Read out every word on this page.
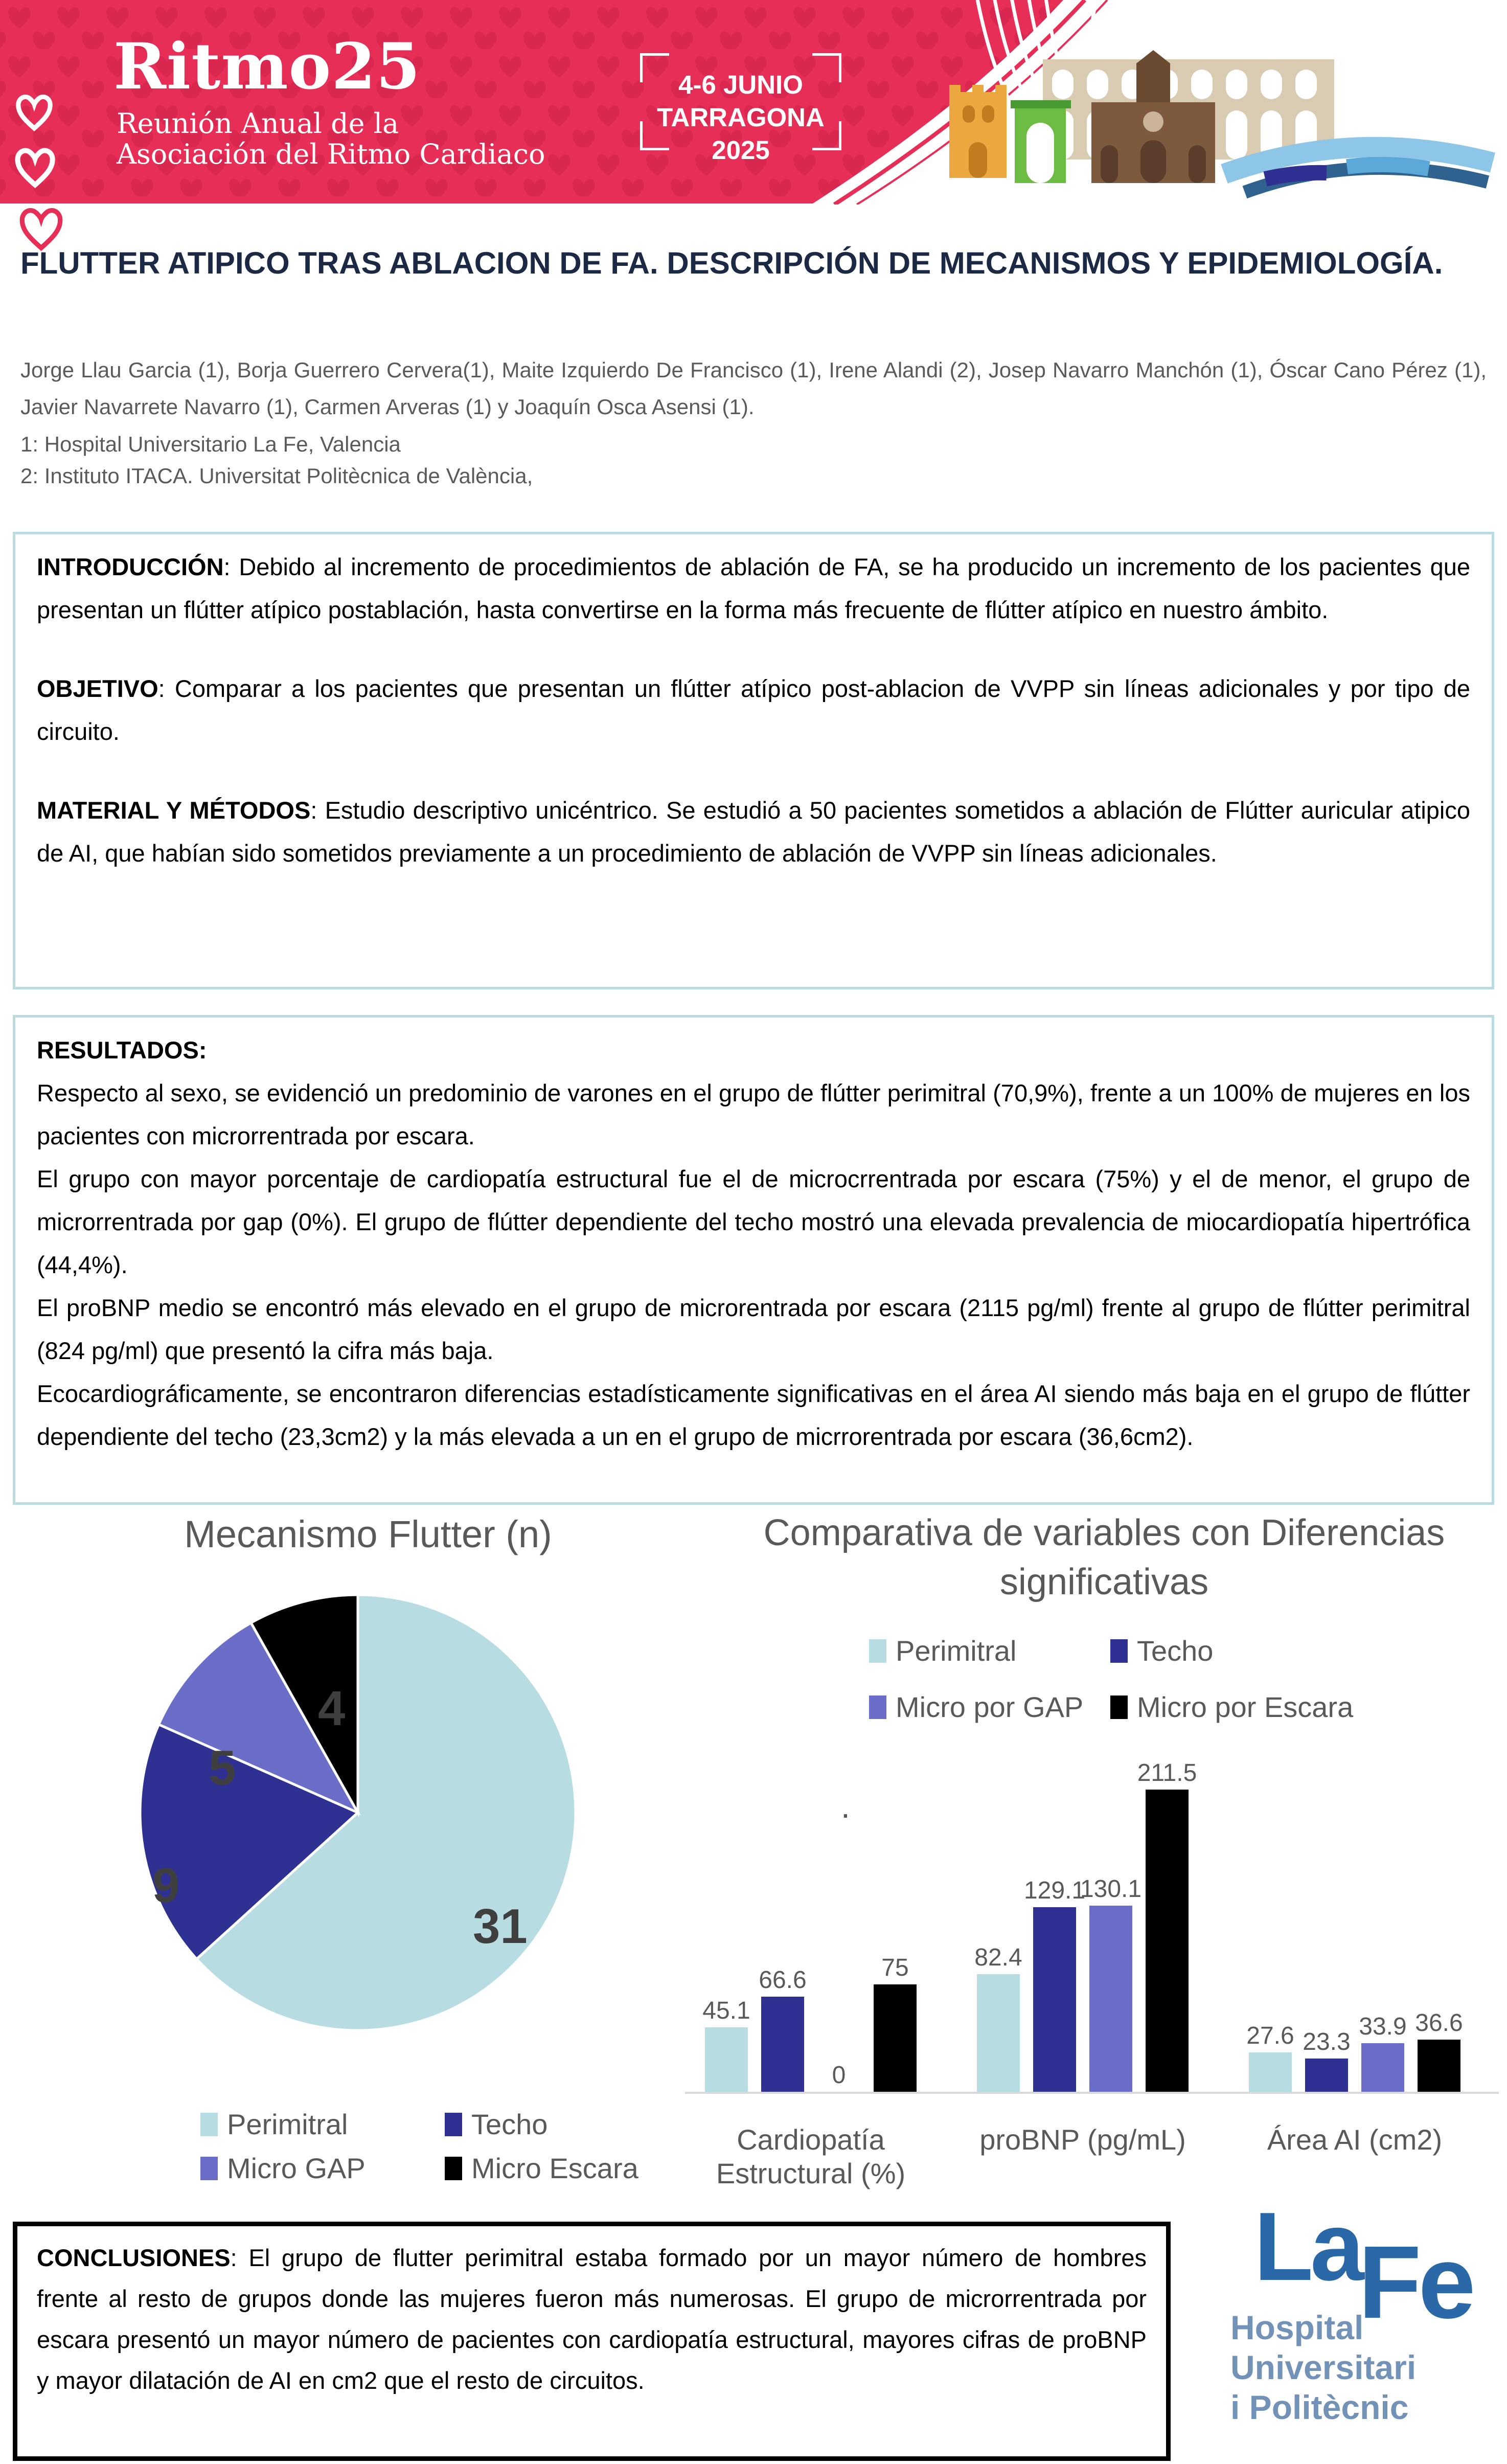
Ritmo25
Reunión Anual de la
Asociación del Ritmo Cardiaco
4-6 JUNIO
TARRAGONA 2025
FLUTTER ATIPICO TRAS ABLACION DE FA. DESCRIPCIÓN DE MECANISMOS Y EPIDEMIOLOGÍA.
Jorge Llau Garcia (1), Borja Guerrero Cervera(1), Maite Izquierdo De Francisco (1), Irene Alandi (2), Josep Navarro Manchón (1), Óscar Cano Pérez (1), Javier Navarrete Navarro (1), Carmen Arveras (1) y Joaquín Osca Asensi (1).
1: Hospital Universitario La Fe, Valencia
2: Instituto ITACA. Universitat Politècnica de València,

INTRODUCCIÓN: Debido al incremento de procedimientos de ablación de FA, se ha producido un incremento de los pacientes que presentan un flútter atípico postablación, hasta convertirse en la forma más frecuente de flútter atípico en nuestro ámbito.

OBJETIVO: Comparar a los pacientes que presentan un flútter atípico post-ablacion de VVPP sin líneas adicionales y por tipo de circuito.

MATERIAL Y MÉTODOS: Estudio descriptivo unicéntrico. Se estudió a 50 pacientes sometidos a ablación de Flútter auricular atipico de AI, que habían sido sometidos previamente a un procedimiento de ablación de VVPP sin líneas adicionales.

RESULTADOS:

Respecto al sexo, se evidenció un predominio de varones en el grupo de flútter perimitral (70,9%), frente a un 100% de mujeres en los pacientes con microrrentrada por escara.

El grupo con mayor porcentaje de cardiopatía estructural fue el de microcrrentrada por escara (75%) y el de menor, el grupo de microrrentrada por gap (0%). El grupo de flútter dependiente del techo mostró una elevada prevalencia de miocardiopatía hipertrófica (44,4%).

El proBNP medio se encontró más elevado en el grupo de microrentrada por escara (2115 pg/ml) frente al grupo de flútter perimitral (824 pg/ml) que presentó la cifra más baja.

Ecocardiográficamente, se encontraron diferencias estadísticamente significativas en el área AI siendo más baja en el grupo de flútter dependiente del techo (23,3cm2) y la más elevada a un en el grupo de micrrorentrada por escara (36,6cm2).

Mecanismo Flutter (n)
31
9
5
4
Perimitral	Techo
Micro GAP	Micro Escara
Comparativa de variables con Diferencias significativas
Perimitral	Techo
Micro por GAP Micro por Escara
45.1
82.4
27.6
66.6
129.1
23.3
0
130.1
33.9
75
211.5
36.6
Cardiopatía Estructural (%)
proBNP (pg/mL)	Área AI (cm2)
.
CONCLUSIONES: El grupo de flutter perimitral estaba formado por un mayor número de hombres frente al resto de grupos donde las mujeres fueron más numerosas. El grupo de microrrentrada por escara presentó un mayor número de pacientes con cardiopatía estructural, mayores cifras de proBNP y mayor dilatación de AI en cm2 que el resto de circuitos.
La
Fe
Hospital
Universitari
i Politècnic
